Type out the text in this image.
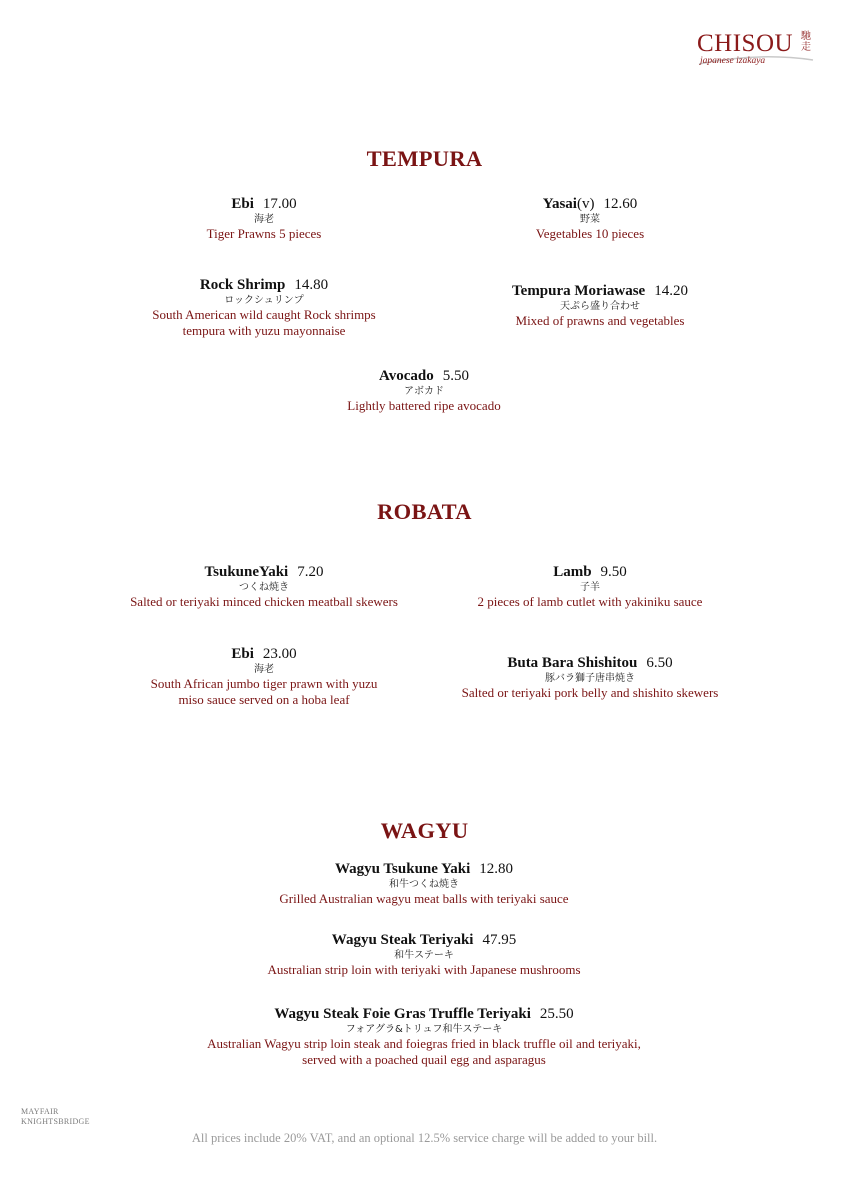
CHISOU 馳走
japanese izakaya
TEMPURA
Ebi 17.00
海老
Tiger Prawns 5 pieces
Yasai(v) 12.60
野菜
Vegetables 10 pieces
Rock Shrimp 14.80
ロックシュリンプ
South American wild caught Rock shrimps
tempura with yuzu mayonnaise
Tempura Moriawase 14.20
天ぷら盛り合わせ
Mixed of prawns and vegetables
Avocado 5.50
アボカド
Lightly battered ripe avocado
ROBATA
TsukuneYaki 7.20
つくね焼き
Salted or teriyaki minced chicken meatball skewers
Lamb 9.50
子羊
2 pieces of lamb cutlet with yakiniku sauce
Ebi 23.00
海老
South African jumbo tiger prawn with yuzu
miso sauce served on a hoba leaf
Buta Bara Shishitou 6.50
豚バラ獅子唐串焼き
Salted or teriyaki pork belly and shishito skewers
WAGYU
Wagyu Tsukune Yaki 12.80
和牛つくね焼き
Grilled Australian wagyu meat balls with teriyaki sauce
Wagyu Steak Teriyaki 47.95
和牛ステーキ
Australian strip loin with teriyaki with Japanese mushrooms
Wagyu Steak Foie Gras Truffle Teriyaki 25.50
フォアグラ&トリュフ和牛ステーキ
Australian Wagyu strip loin steak and foiegras fried in black truffle oil and teriyaki,
served with a poached quail egg and asparagus
MAYFAIR
KNIGHTSBRIDGE
All prices include 20% VAT, and an optional 12.5% service charge will be added to your bill.
